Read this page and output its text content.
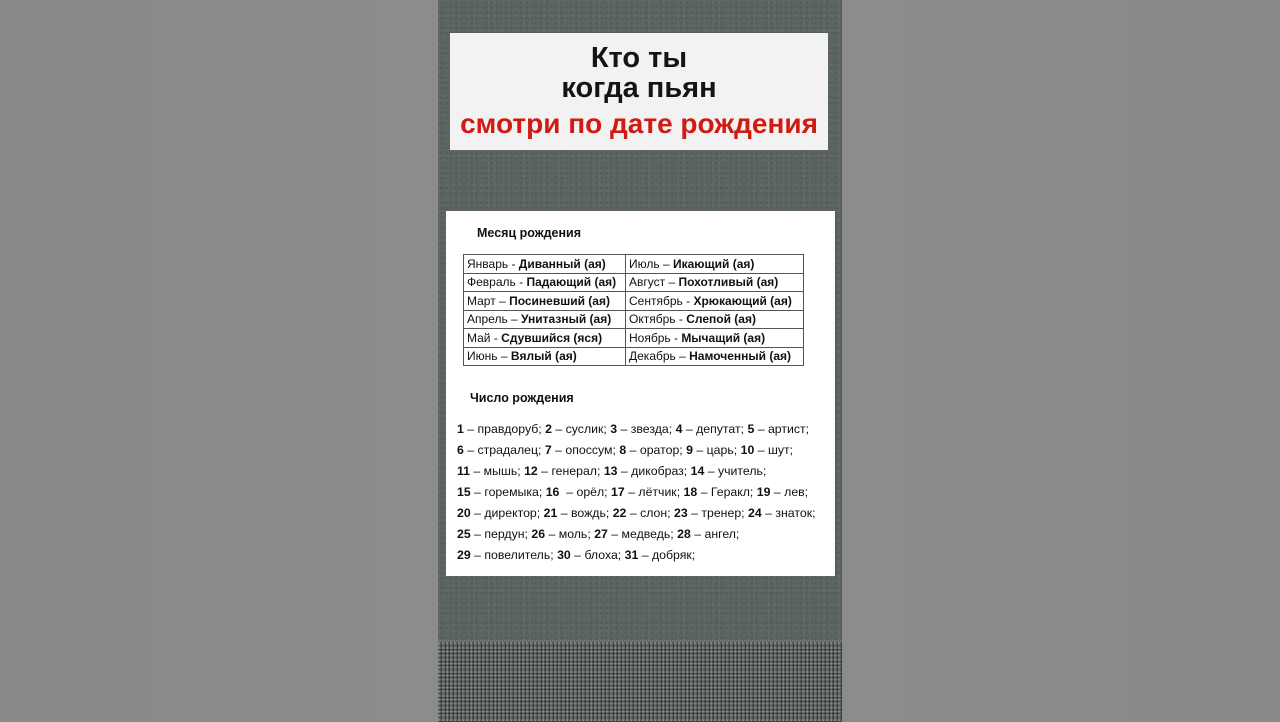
Кто ты
когда пьян
смотри по дате рождения
Месяц рождения
Январь - Диванный (ая)	Июль – Икающий (ая)
Февраль - Падающий (ая)	Август – Похотливый (ая)
Март – Посиневший (ая)	Сентябрь - Хрюкающий (ая)
Апрель – Унитазный (ая)	Октябрь - Слепой (ая)
Май - Сдувшийся (яся)	Ноябрь - Мычащий (ая)
Июнь – Вялый (ая)	Декабрь – Намоченный (ая)
Число рождения
1 – правдоруб; 2 – суслик; 3 – звезда; 4 – депутат; 5 – артист;
6 – страдалец; 7 – опоссум; 8 – оратор; 9 – царь; 10 – шут;
11 – мышь; 12 – генерал; 13 – дикобраз; 14 – учитель;
15 – горемыка; 16  – орёл; 17 – лётчик; 18 – Геракл; 19 – лев;
20 – директор; 21 – вождь; 22 – слон; 23 – тренер; 24 – знаток;
25 – пердун; 26 – моль; 27 – медведь; 28 – ангел;
29 – повелитель; 30 – блоха; 31 – добряк;
